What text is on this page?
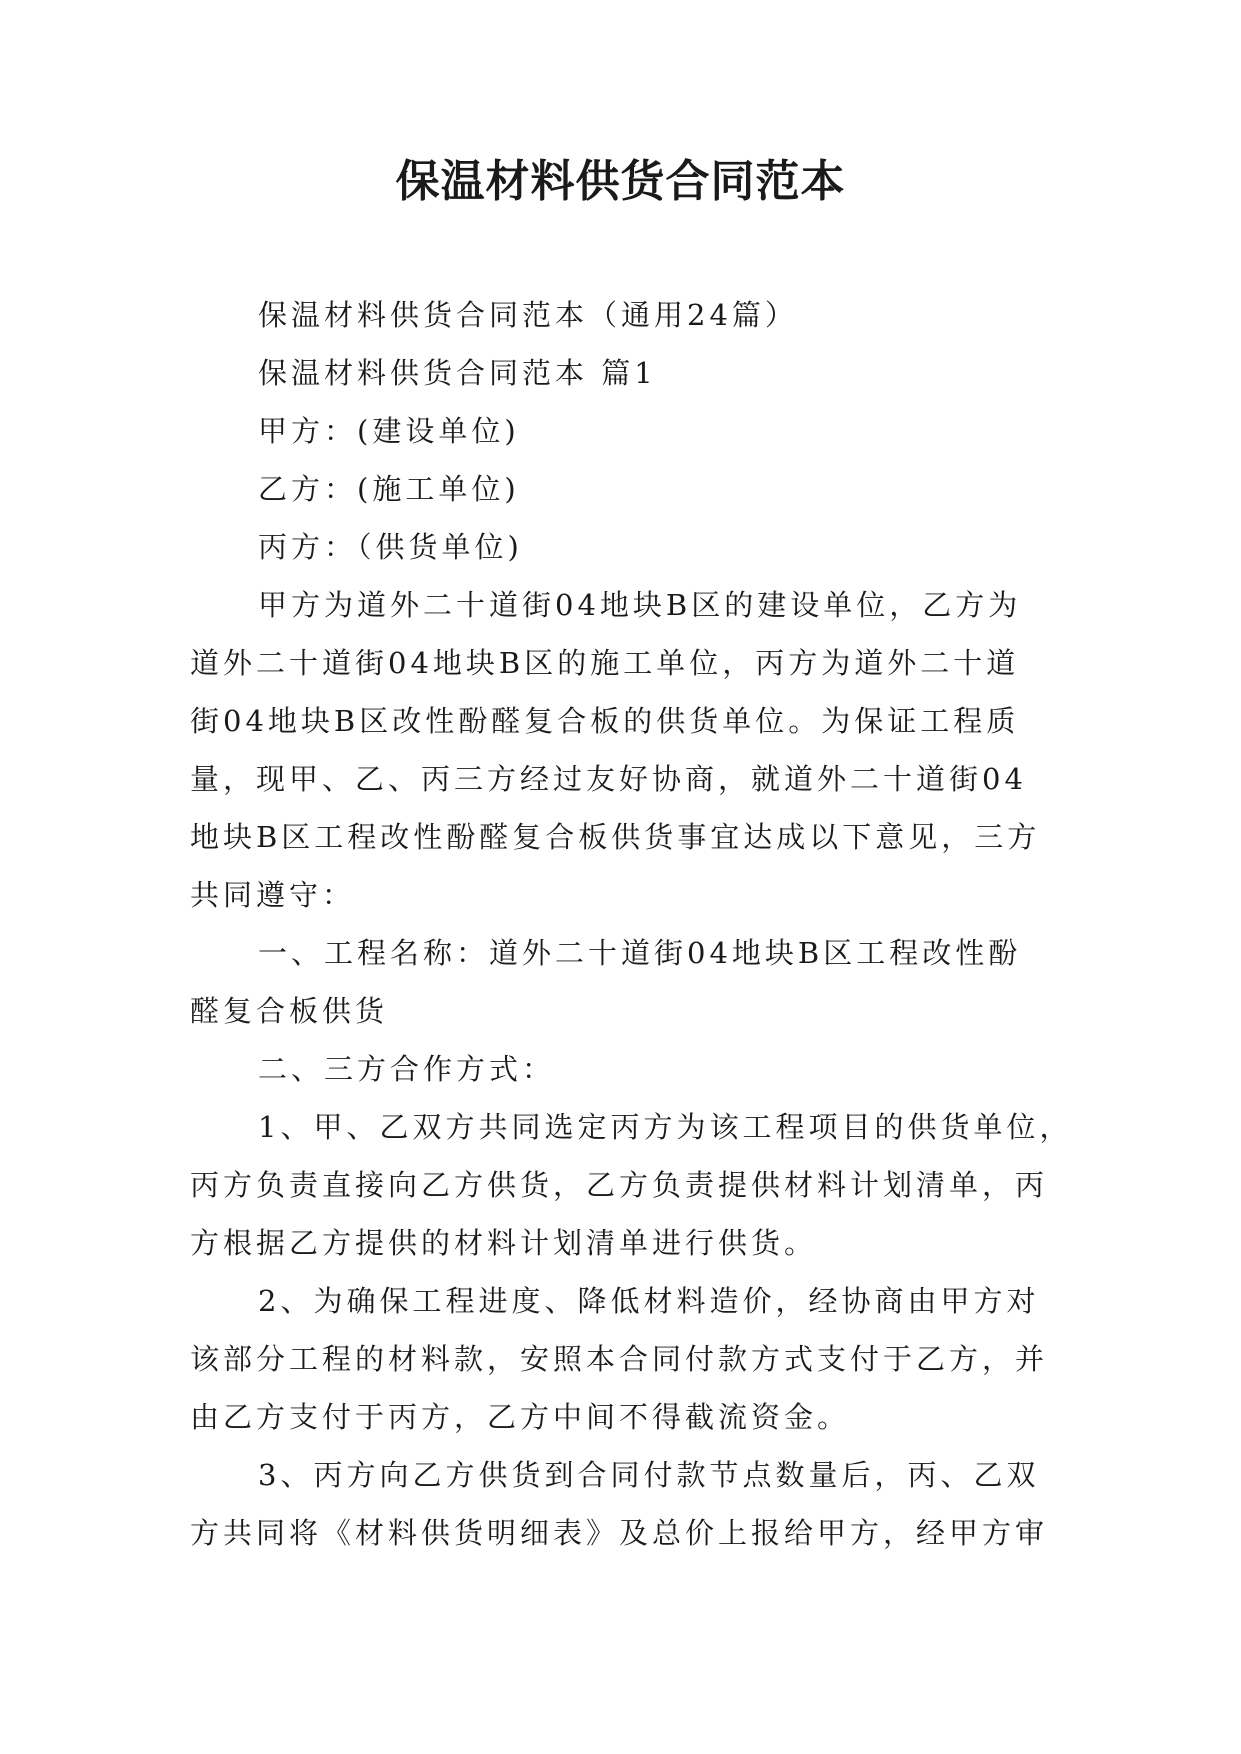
保温材料供货合同范本

保温材料供货合同范本（通用24篇）

保温材料供货合同范本 篇1

甲方：(建设单位)

乙方：(施工单位)

丙方：（供货单位)

甲方为道外二十道街04地块B区的建设单位，乙方为

道外二十道街04地块B区的施工单位，丙方为道外二十道

街04地块B区改性酚醛复合板的供货单位。为保证工程质

量，现甲、乙、丙三方经过友好协商，就道外二十道街04

地块B区工程改性酚醛复合板供货事宜达成以下意见，三方

共同遵守：

一、工程名称：道外二十道街04地块B区工程改性酚

醛复合板供货

二、三方合作方式：

1、甲、乙双方共同选定丙方为该工程项目的供货单位，

丙方负责直接向乙方供货，乙方负责提供材料计划清单，丙

方根据乙方提供的材料计划清单进行供货。

2、为确保工程进度、降低材料造价，经协商由甲方对

该部分工程的材料款，安照本合同付款方式支付于乙方，并

由乙方支付于丙方，乙方中间不得截流资金。

3、丙方向乙方供货到合同付款节点数量后，丙、乙双

方共同将《材料供货明细表》及总价上报给甲方，经甲方审
